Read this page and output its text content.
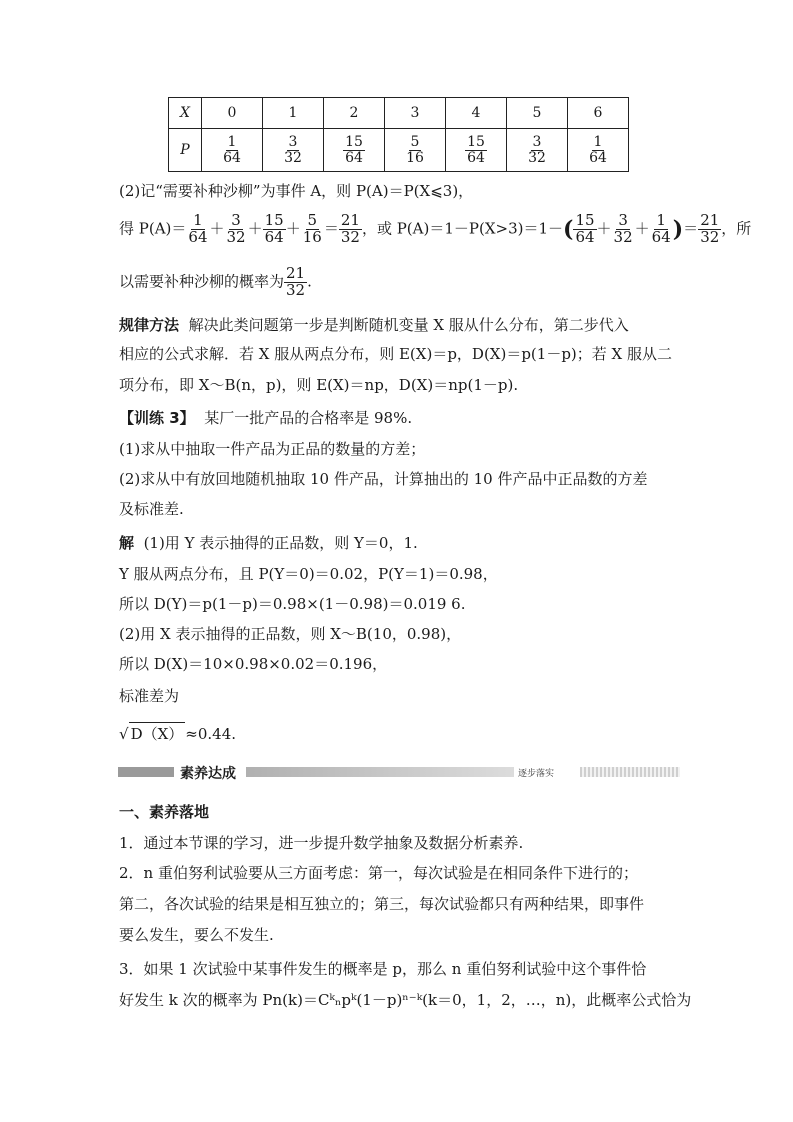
X	0	1	2	3	4	5	6
P	$\frac{1}{64}$	$\frac{3}{32}$	$\frac{15}{64}$	$\frac{5}{16}$	$\frac{15}{64}$	$\frac{3}{32}$	$\frac{1}{64}$
(2)记“需要补种沙柳”为事件 A，则 P(A)＝P(X⩽3)，
得 $P(A)= \frac{1}{64} + \frac{3}{32} + \frac{15}{64} + \frac{5}{16} = \frac{21}{32}$ ，或 $P(A)=1-P(X>3)=1-( \frac{15}{64} + \frac{3}{32} + \frac{1}{64}$ )＝ $\frac{21}{32}$ ，所
以需要补种沙柳的概率为 $\frac{21}{32}$ .
规律方法 解决此类问题第一步是判断随机变量 X 服从什么分布，第二步代入
相应的公式求解．若 X 服从两点分布，则 E(X)＝p，D(X)＝p(1－p)；若 X 服从二
项分布，即 X～B(n，p)，则 E(X)＝np，D(X)＝np(1－p).
【训练 3】 某厂一批产品的合格率是 98%.
(1)求从中抽取一件产品为正品的数量的方差；
(2)求从中有放回地随机抽取 10 件产品，计算抽出的 10 件产品中正品数的方差
及标准差.
解 (1)用 Y 表示抽得的正品数，则 Y＝0，1.
Y 服从两点分布，且 P(Y＝0)＝0.02，P(Y＝1)＝0.98，
所以 D(Y)＝p(1－p)＝0.98×(1－0.98)＝0.019 6.
(2)用 X 表示抽得的正品数，则 X～B(10，0.98)，
所以 D(X)＝10×0.98×0.02＝0.196，
标准差为
√ D（X） ≈0.44.
素养达成	逐步落实
一、素养落地
1．通过本节课的学习，进一步提升数学抽象及数据分析素养.
2．n 重伯努利试验要从三方面考虑：第一，每次试验是在相同条件下进行的；
第二，各次试验的结果是相互独立的；第三，每次试验都只有两种结果，即事件
要么发生，要么不发生.
3．如果 1 次试验中某事件发生的概率是 p，那么 n 重伯努利试验中这个事件恰
好发生 k 次的概率为 Pn(k)＝Cᵏₙpᵏ(1－p)ⁿ⁻ᵏ(k＝0，1，2，…，n)，此概率公式恰为
